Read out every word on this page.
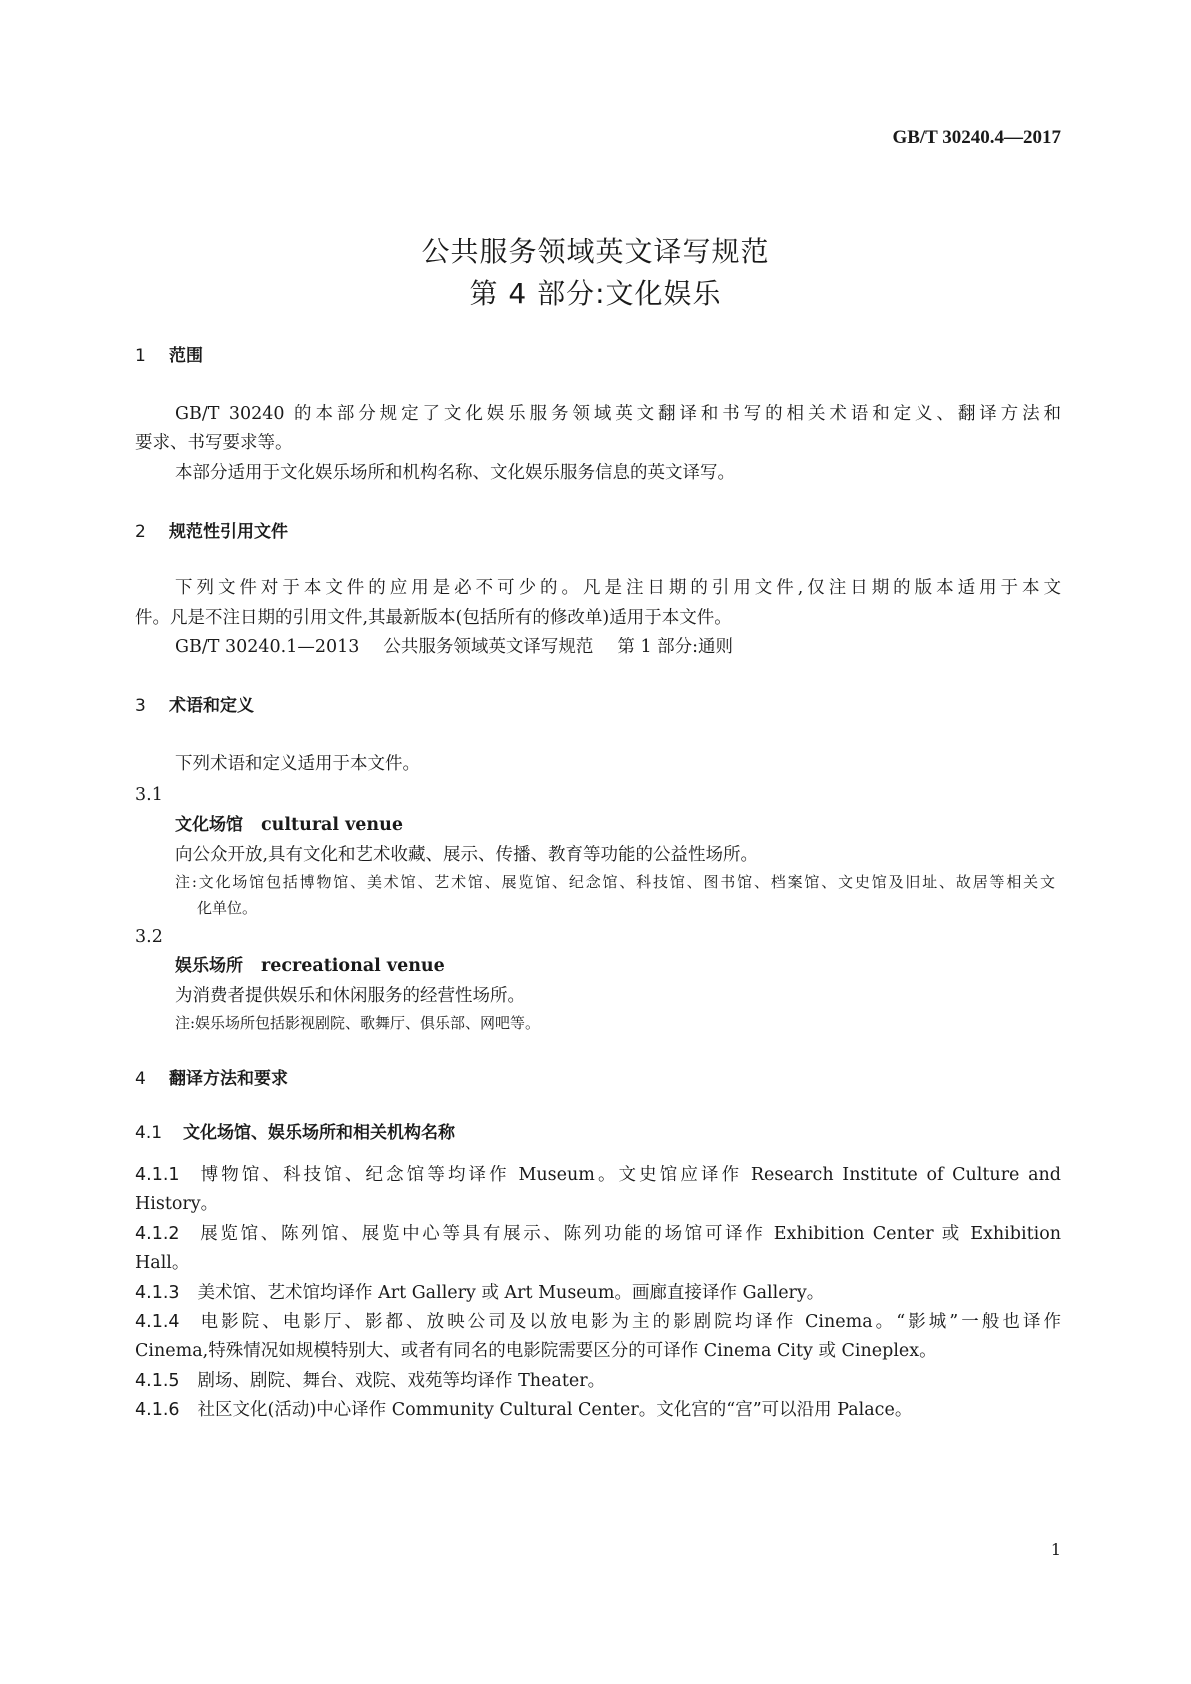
GB/T 30240.4—2017
公共服务领域英文译写规范
第 4 部分:文化娱乐
1 范围
GB/T 30240 的本部分规定了文化娱乐服务领域英文翻译和书写的相关术语和定义、翻译方法和
要求、书写要求等。
本部分适用于文化娱乐场所和机构名称、文化娱乐服务信息的英文译写。
2 规范性引用文件
下列文件对于本文件的应用是必不可少的。凡是注日期的引用文件,仅注日期的版本适用于本文
件。凡是不注日期的引用文件,其最新版本(包括所有的修改单)适用于本文件。
GB/T 30240.1—2013 公共服务领域英文译写规范 第 1 部分:通则
3 术语和定义
下列术语和定义适用于本文件。
3.1
文化场馆 cultural venue
向公众开放,具有文化和艺术收藏、展示、传播、教育等功能的公益性场所。
注:文化场馆包括博物馆、美术馆、艺术馆、展览馆、纪念馆、科技馆、图书馆、档案馆、文史馆及旧址、故居等相关文
化单位。
3.2
娱乐场所 recreational venue
为消费者提供娱乐和休闲服务的经营性场所。
注:娱乐场所包括影视剧院、歌舞厅、俱乐部、网吧等。
4 翻译方法和要求
4.1 文化场馆、娱乐场所和相关机构名称
4.1.1 博物馆、科技馆、纪念馆等均译作 Museum。文史馆应译作 Research Institute of Culture and
History。
4.1.2 展览馆、陈列馆、展览中心等具有展示、陈列功能的场馆可译作 Exhibition Center 或 Exhibition
Hall。
4.1.3 美术馆、艺术馆均译作 Art Gallery 或 Art Museum。画廊直接译作 Gallery。
4.1.4 电影院、电影厅、影都、放映公司及以放电影为主的影剧院均译作 Cinema。“影城”一般也译作
Cinema,特殊情况如规模特别大、或者有同名的电影院需要区分的可译作 Cinema City 或 Cineplex。
4.1.5 剧场、剧院、舞台、戏院、戏苑等均译作 Theater。
4.1.6 社区文化(活动)中心译作 Community Cultural Center。文化宫的“宫”可以沿用 Palace。
1
